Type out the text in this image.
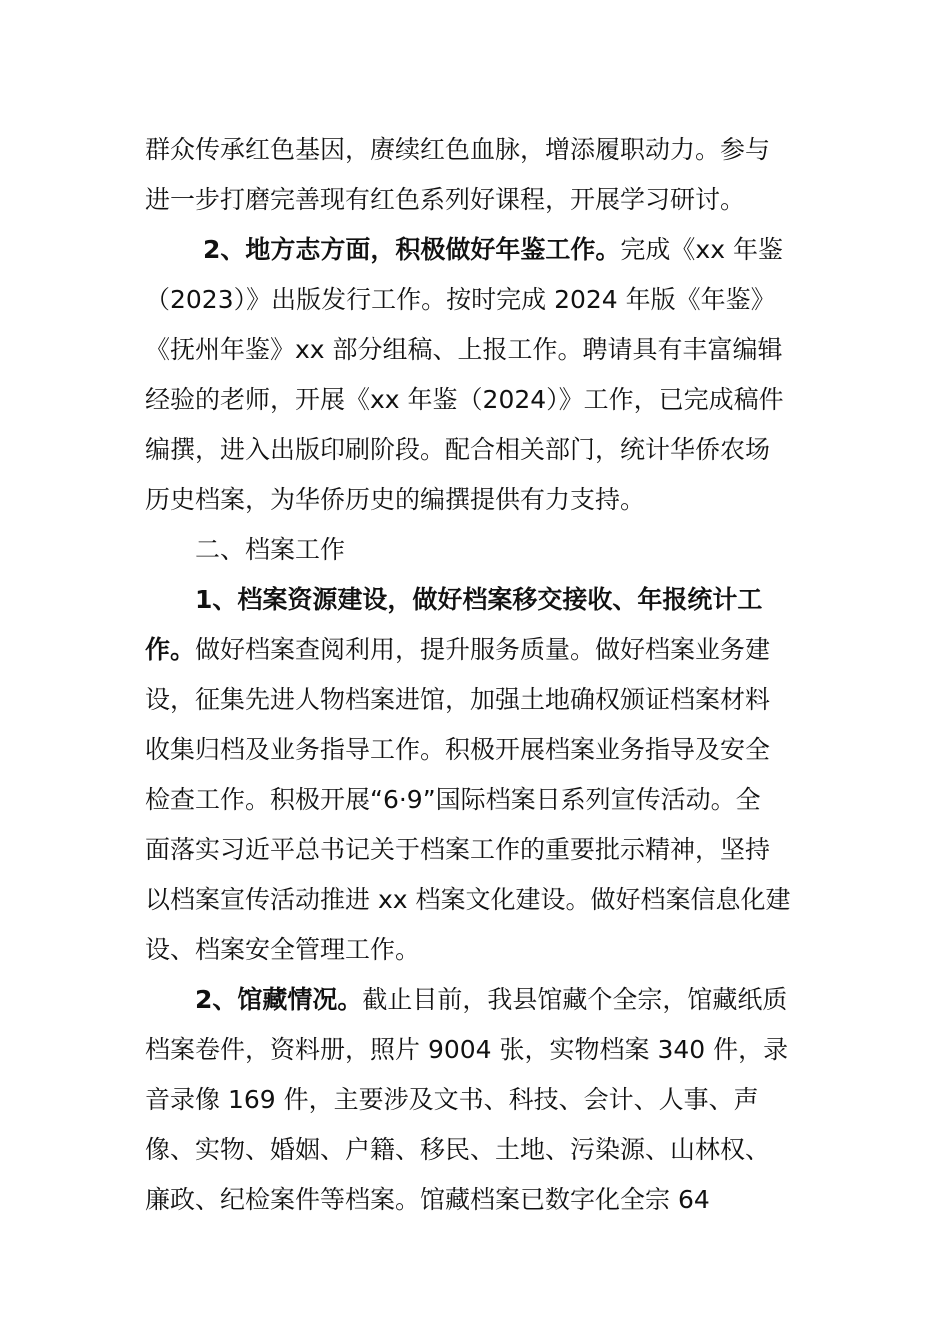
群众传承红色基因，赓续红色血脉，增添履职动力。参与
进一步打磨完善现有红色系列好课程，开展学习研讨。
2、地方志方面，积极做好年鉴工作。完成《xx 年鉴
（2023）》出版发行工作。按时完成 2024 年版《年鉴》
《抚州年鉴》xx 部分组稿、上报工作。聘请具有丰富编辑
经验的老师，开展《xx 年鉴（2024）》工作，已完成稿件
编撰，进入出版印刷阶段。配合相关部门，统计华侨农场
历史档案，为华侨历史的编撰提供有力支持。
二、档案工作
1、档案资源建设，做好档案移交接收、年报统计工
作。做好档案查阅利用，提升服务质量。做好档案业务建
设，征集先进人物档案进馆，加强土地确权颁证档案材料
收集归档及业务指导工作。积极开展档案业务指导及安全
检查工作。积极开展“6·9”国际档案日系列宣传活动。全
面落实习近平总书记关于档案工作的重要批示精神，坚持
以档案宣传活动推进 xx 档案文化建设。做好档案信息化建
设、档案安全管理工作。
2、馆藏情况。截止目前，我县馆藏个全宗，馆藏纸质
档案卷件，资料册，照片 9004 张，实物档案 340 件，录
音录像 169 件，主要涉及文书、科技、会计、人事、声
像、实物、婚姻、户籍、移民、土地、污染源、山林权、
廉政、纪检案件等档案。馆藏档案已数字化全宗 64
